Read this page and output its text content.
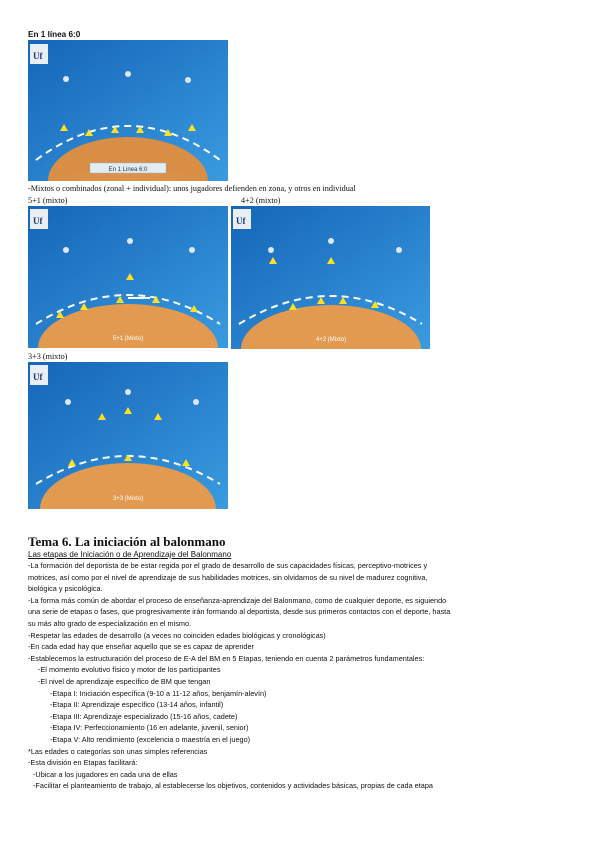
En 1 línea 6:0
-Mixtos o combinados (zonal + individual): unos jugadores defienden en zona, y otros en individual
5+1 (mixto)	4+2 (mixto)
3+3 (mixto)
Uf
En 1 Linea 6:0
Uf
5+1 (Mixto)
Uf
4+2 (Mixto)
Uf
3+3 (Mixto)
Tema 6. La iniciación al balonmano
Las etapas de Iniciación o de Aprendizaje del Balonmano
-La formación del deportista de be estar regida por el grado de desarrollo de sus capacidades físicas, perceptivo-motrices y
motrices, así como por el nivel de aprendizaje de sus habilidades motrices, sin olvidarnos de su nivel de madurez cognitiva,
biológica y psicológica.
-La forma más común de abordar el proceso de enseñanza-aprendizaje del Balonmano, como de cualquier deporte, es siguiendo
una serie de etapas o fases, que progresivamente irán formando al deportista, desde sus primeros contactos con el deporte, hasta
su más alto grado de especialización en el mismo.
-Respetar las edades de desarrollo (a veces no coinciden edades biológicas y cronológicas)
-En cada edad hay que enseñar aquello que se es capaz de aprender
-Establecemos la estructuración del proceso de E-A del BM en 5 Etapas, teniendo en cuenta 2 parámetros fundamentales:
-El momento evolutivo físico y motor de los participantes
-El nivel de aprendizaje específico de BM que tengan
-Etapa I: Iniciación específica (9-10 a 11-12 años, benjamín-alevín)
-Etapa II: Aprendizaje específico (13-14 años, infantil)
-Etapa III: Aprendizaje especializado (15-16 años, cadete)
-Etapa IV: Perfeccionamiento (16 en adelante, juvenil, senior)
-Etapa V: Alto rendimiento (excelencia o maestría en el juego)
*Las edades o categorías son unas simples referencias
-Esta división en Etapas facilitará:
-Ubicar a los jugadores en cada una de ellas
-Facilitar el planteamiento de trabajo, al establecerse los objetivos, contenidos y actividades básicas, propias de cada etapa
